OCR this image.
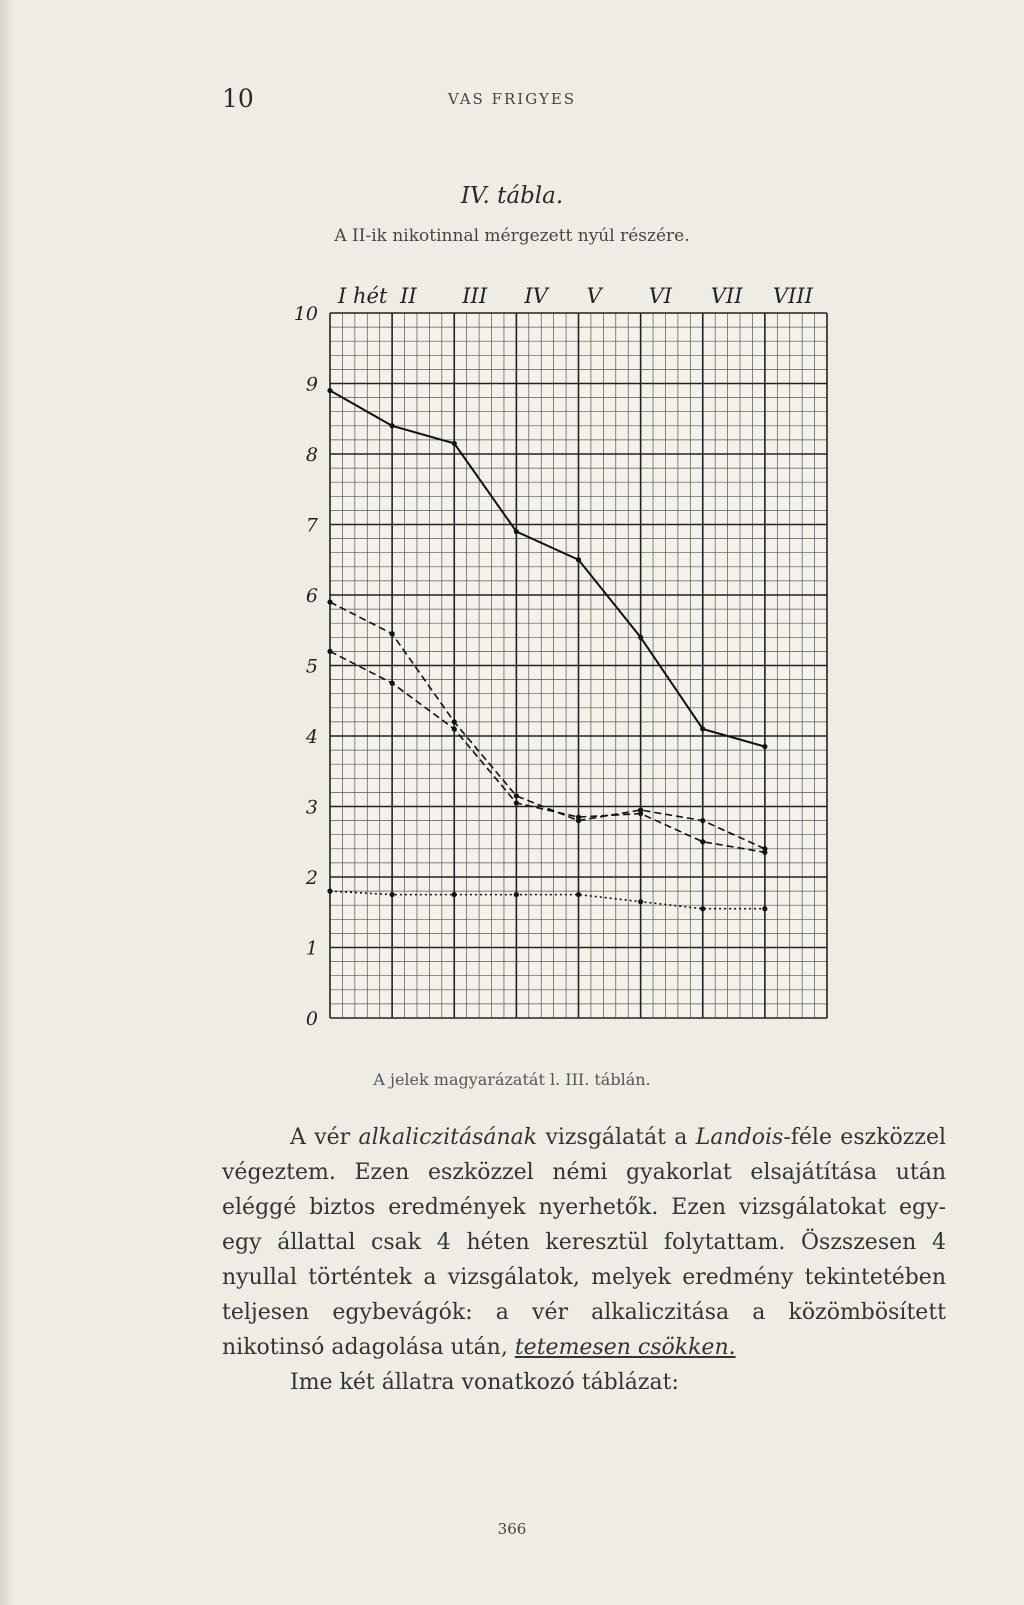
10	VAS FRIGYES
IV. tábla.
A II-ik nikotinnal mérgezett nyúl részére.
I hét II III IV V VI VII VIII
10
9
8
7
6
5
4
3
2
1
0
A jelek magyarázatát l. III. táblán.

A vér alkaliczitásának vizsgálatát a Landois-féle eszközzel végeztem. Ezen eszközzel némi gyakorlat elsajátítása után eléggé biztos eredmények nyerhetők. Ezen vizsgálatokat egy-egy állattal csak 4 héten keresztül folytattam. Öszszesen 4 nyullal történtek a vizsgálatok, melyek eredmény tekintetében teljesen egybevágók: a vér alkaliczitása a közömbösített nikotinsó adagolása után, tetemesen csökken.

Ime két állatra vonatkozó táblázat:

366
